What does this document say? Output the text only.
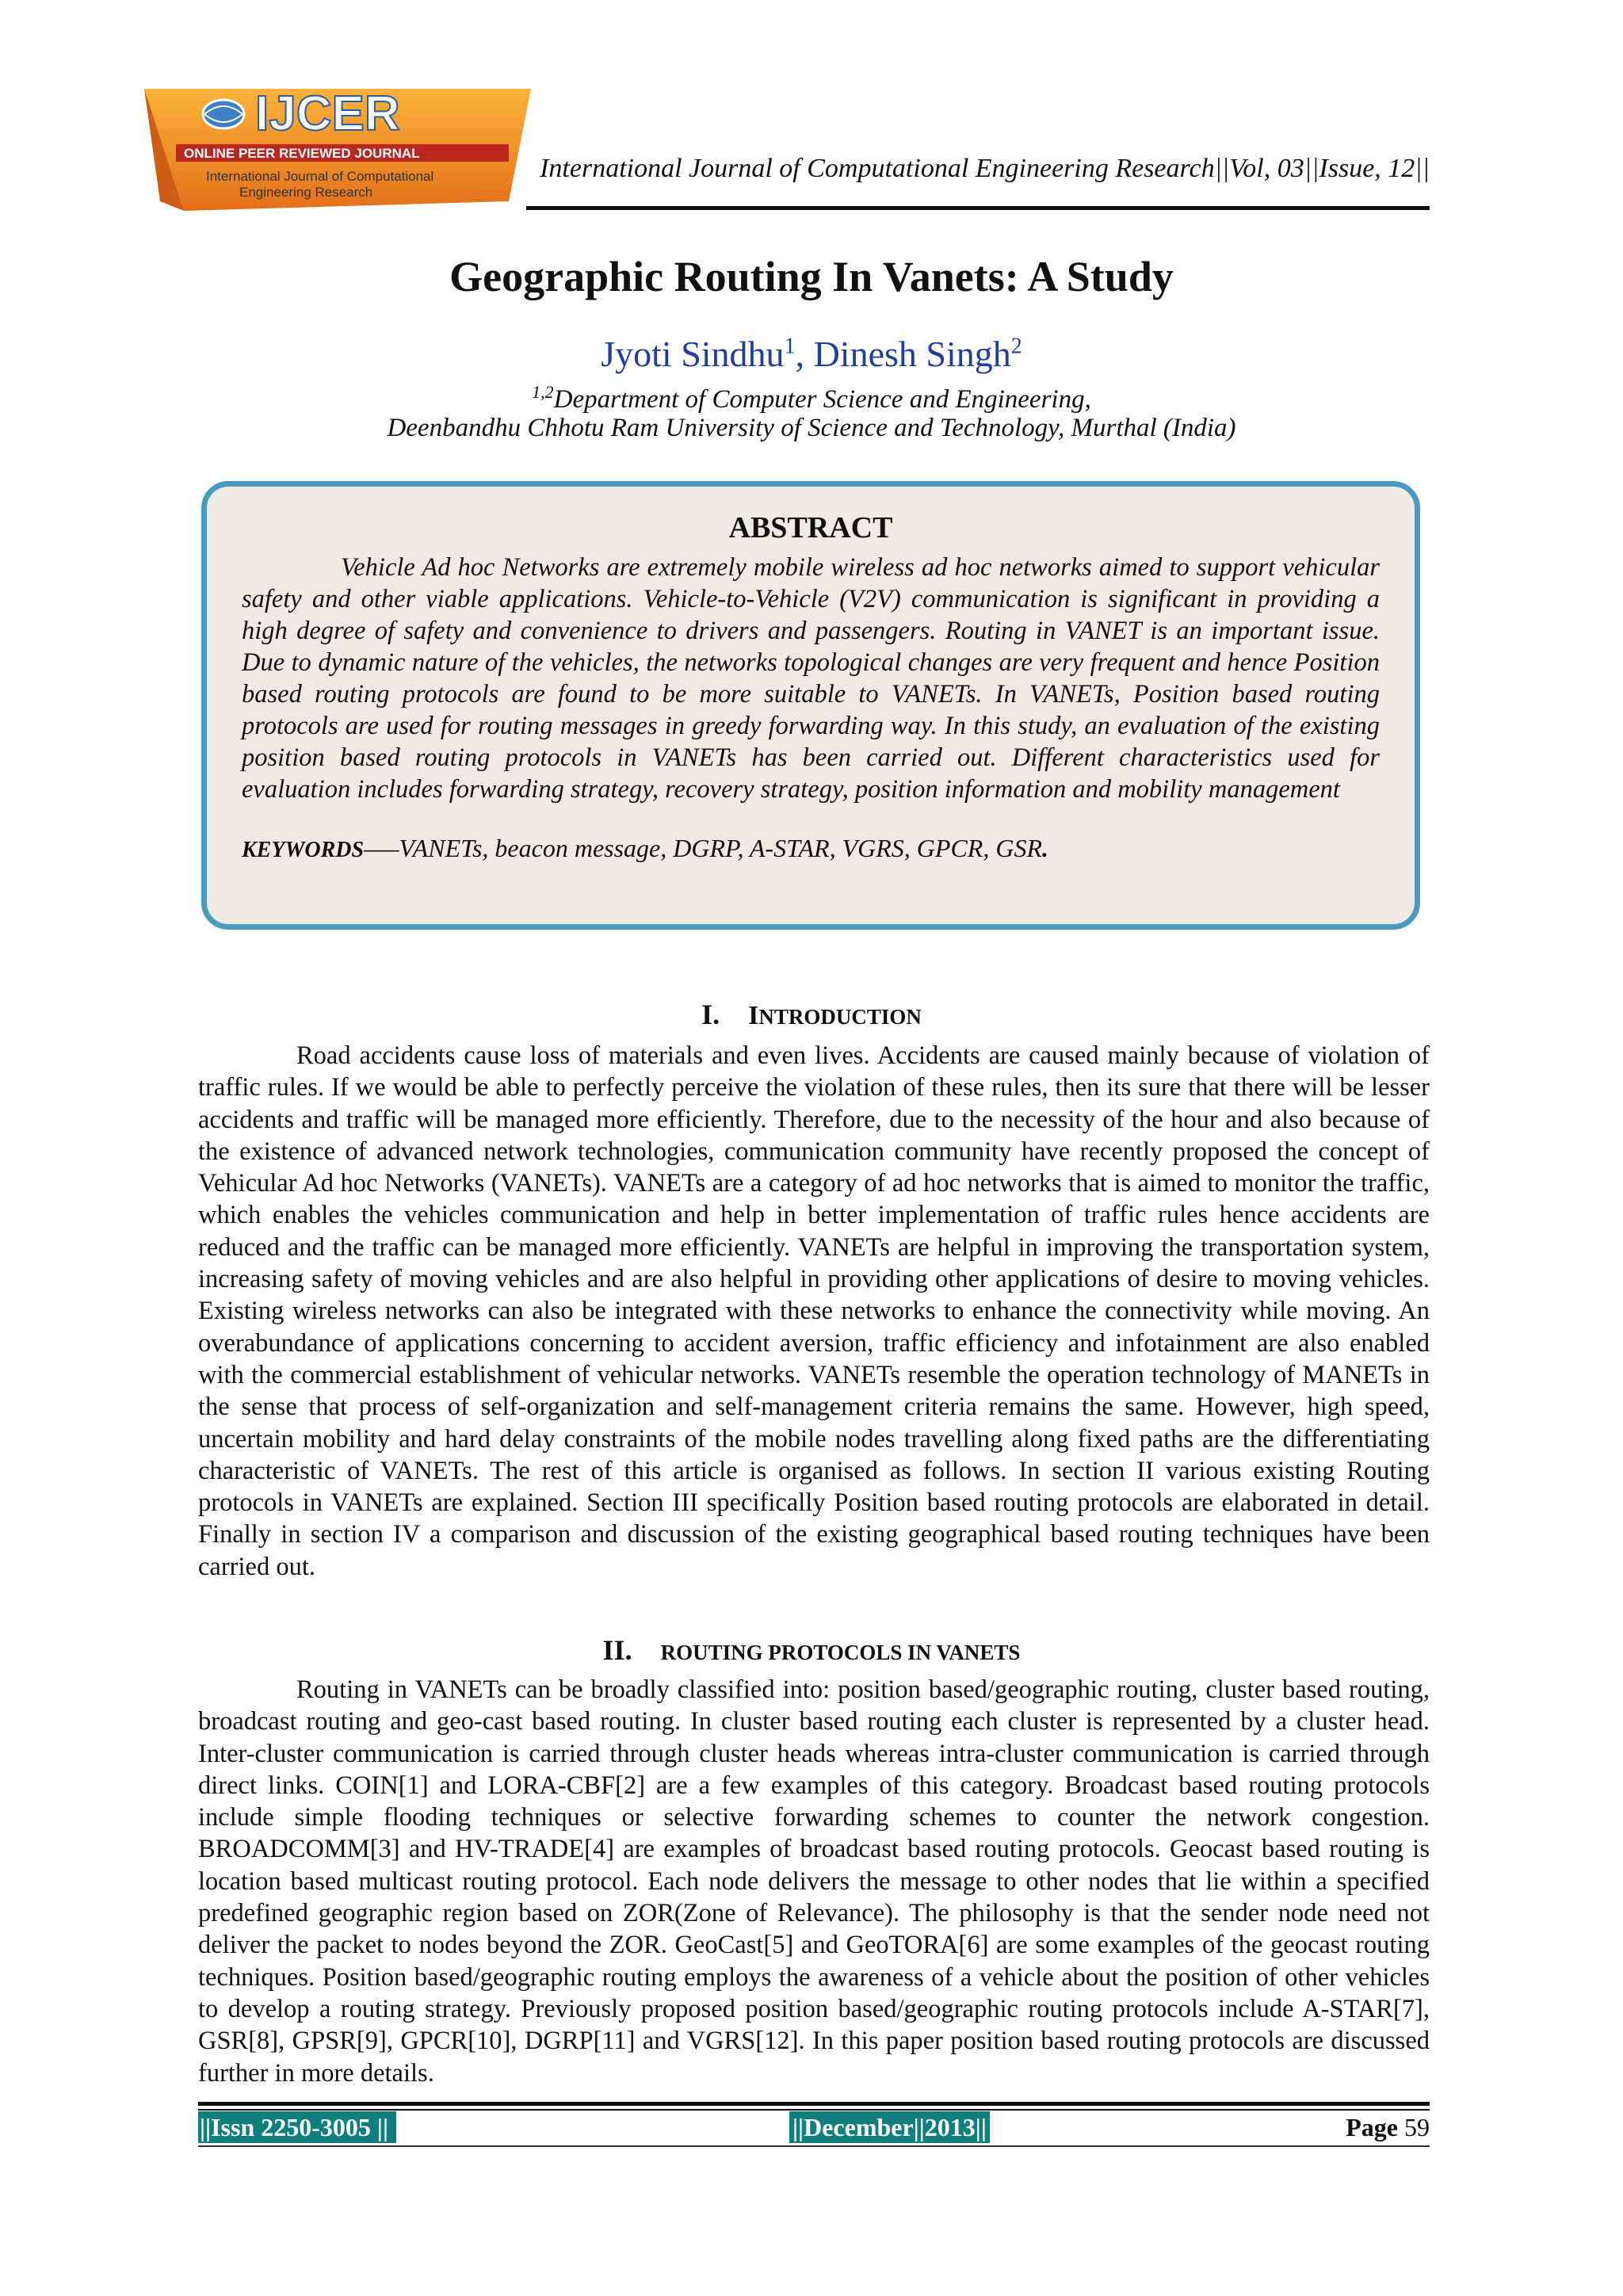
IJCER
ONLINE PEER REVIEWED JOURNAL
International Journal of Computational
Engineering Research
International Journal of Computational Engineering Research||Vol, 03||Issue, 12||
Geographic Routing In Vanets: A Study
Jyoti Sindhu$^1$, Dinesh Singh$^2$
$^{1,2}$Department of Computer Science and Engineering,
Deenbandhu Chhotu Ram University of Science and Technology, Murthal (India)
ABSTRACT

Vehicle Ad hoc Networks are extremely mobile wireless ad hoc networks aimed to support vehicular safety and other viable applications. Vehicle-to-Vehicle (V2V) communication is significant in providing a high degree of safety and convenience to drivers and passengers. Routing in VANET is an important issue. Due to dynamic nature of the vehicles, the networks topological changes are very frequent and hence Position based routing protocols are found to be more suitable to VANETs. In VANETs, Position based routing protocols are used for routing messages in greedy forwarding way. In this study, an evaluation of the existing position based routing protocols in VANETs has been carried out. Different characteristics used for evaluation includes forwarding strategy, recovery strategy, position information and mobility management

KEYWORDS—–VANETs, beacon message, DGRP, A-STAR, VGRS, GPCR, GSR.
I. INTRODUCTION

Road accidents cause loss of materials and even lives. Accidents are caused mainly because of violation of traffic rules. If we would be able to perfectly perceive the violation of these rules, then its sure that there will be lesser accidents and traffic will be managed more efficiently. Therefore, due to the necessity of the hour and also because of the existence of advanced network technologies, communication community have recently proposed the concept of Vehicular Ad hoc Networks (VANETs). VANETs are a category of ad hoc networks that is aimed to monitor the traffic, which enables the vehicles communication and help in better implementation of traffic rules hence accidents are reduced and the traffic can be managed more efficiently. VANETs are helpful in improving the transportation system, increasing safety of moving vehicles and are also helpful in providing other applications of desire to moving vehicles. Existing wireless networks can also be integrated with these networks to enhance the connectivity while moving. An overabundance of applications concerning to accident aversion, traffic efficiency and infotainment are also enabled with the commercial establishment of vehicular networks. VANETs resemble the operation technology of MANETs in the sense that process of self-organization and self-management criteria remains the same. However, high speed, uncertain mobility and hard delay constraints of the mobile nodes travelling along fixed paths are the differentiating characteristic of VANETs. The rest of this article is organised as follows. In section II various existing Routing protocols in VANETs are explained. Section III specifically Position based routing protocols are elaborated in detail. Finally in section IV a comparison and discussion of the existing geographical based routing techniques have been carried out.

II. ROUTING PROTOCOLS IN VANETS

Routing in VANETs can be broadly classified into: position based/geographic routing, cluster based routing, broadcast routing and geo-cast based routing. In cluster based routing each cluster is represented by a cluster head. Inter-cluster communication is carried through cluster heads whereas intra-cluster communication is carried through direct links. COIN[1] and LORA-CBF[2] are a few examples of this category. Broadcast based routing protocols include simple flooding techniques or selective forwarding schemes to counter the network congestion. BROADCOMM[3] and HV-TRADE[4] are examples of broadcast based routing protocols. Geocast based routing is location based multicast routing protocol. Each node delivers the message to other nodes that lie within a specified predefined geographic region based on ZOR(Zone of Relevance). The philosophy is that the sender node need not deliver the packet to nodes beyond the ZOR. GeoCast[5] and GeoTORA[6] are some examples of the geocast routing techniques. Position based/geographic routing employs the awareness of a vehicle about the position of other vehicles to develop a routing strategy. Previously proposed position based/geographic routing protocols include A-STAR[7], GSR[8], GPSR[9], GPCR[10], DGRP[11] and VGRS[12]. In this paper position based routing protocols are discussed further in more details.

||Issn 2250-3005 ||	||December||2013||	Page 59
